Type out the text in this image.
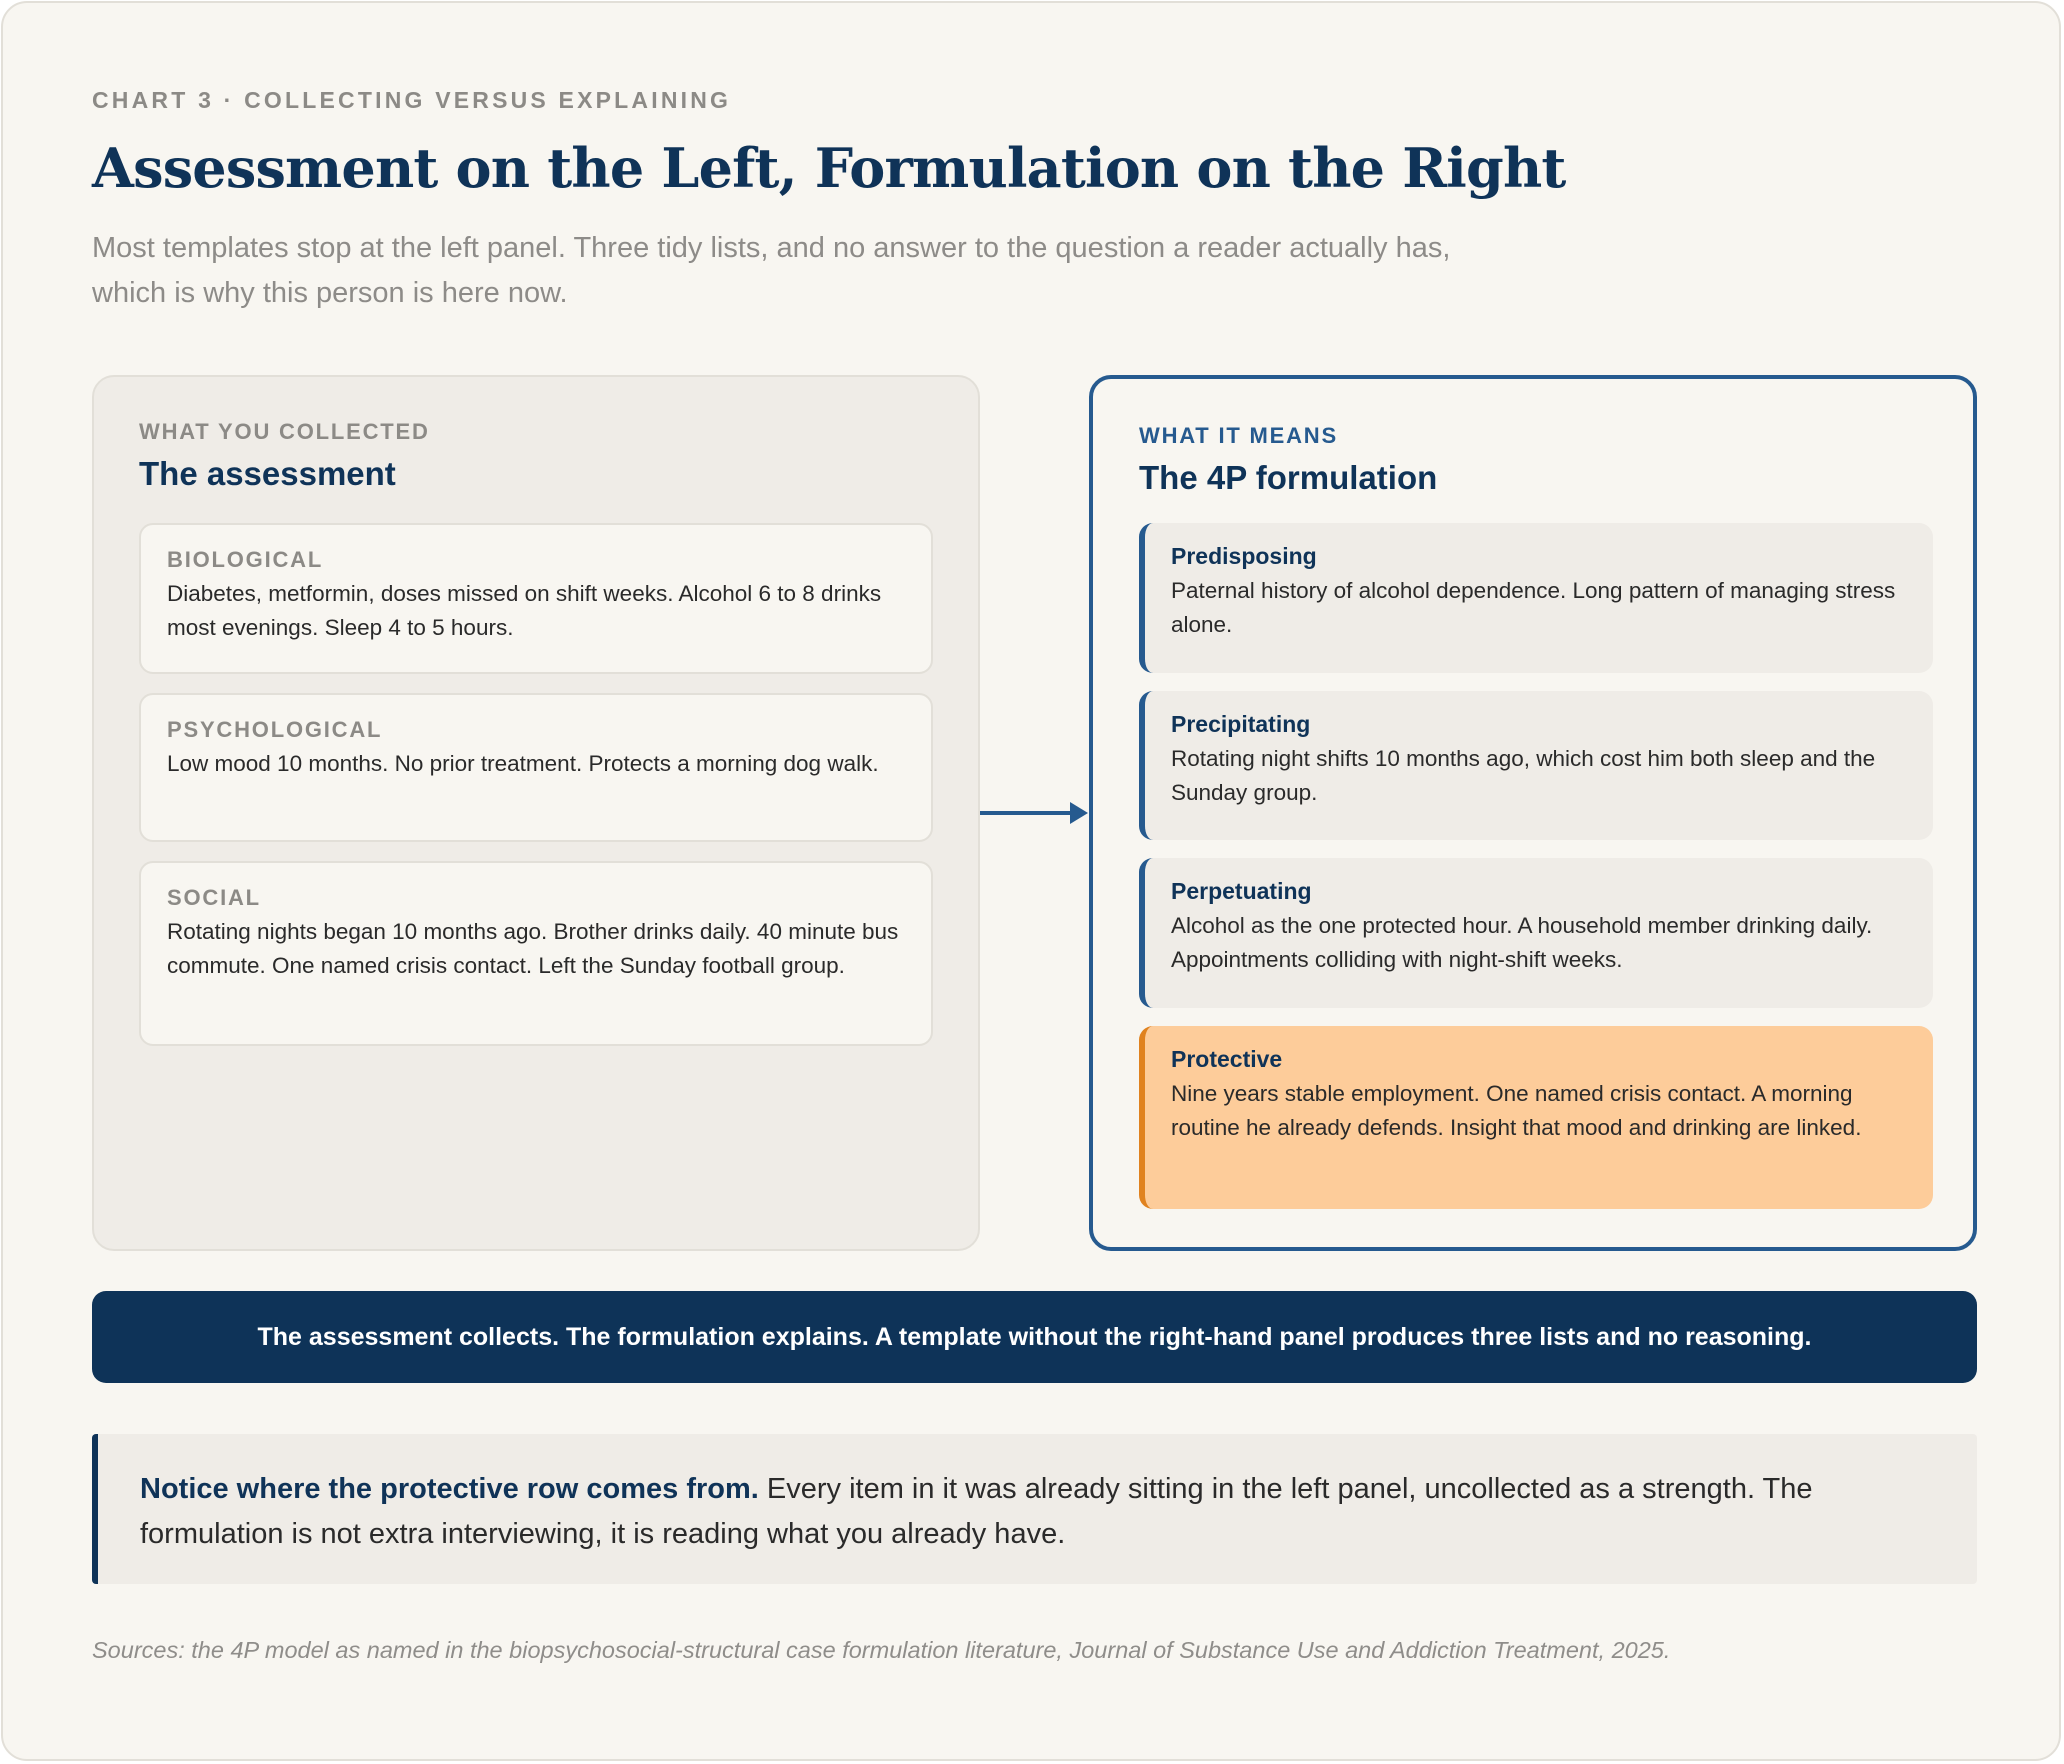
CHART 3 · COLLECTING VERSUS EXPLAINING
Assessment on the Left, Formulation on the Right
Most templates stop at the left panel. Three tidy lists, and no answer to the question a reader actually has, which is why this person is here now.
WHAT YOU COLLECTED
The assessment
BIOLOGICAL
Diabetes, metformin, doses missed on shift weeks. Alcohol 6 to 8 drinks most evenings. Sleep 4 to 5 hours.
PSYCHOLOGICAL
Low mood 10 months. No prior treatment. Protects a morning dog walk.
SOCIAL
Rotating nights began 10 months ago. Brother drinks daily. 40 minute bus commute. One named crisis contact. Left the Sunday football group.
WHAT IT MEANS
The 4P formulation
Predisposing
Paternal history of alcohol dependence. Long pattern of managing stress alone.
Precipitating
Rotating night shifts 10 months ago, which cost him both sleep and the Sunday group.
Perpetuating
Alcohol as the one protected hour. A household member drinking daily. Appointments colliding with night-shift weeks.
Protective
Nine years stable employment. One named crisis contact. A morning routine he already defends. Insight that mood and drinking are linked.
The assessment collects. The formulation explains. A template without the right-hand panel produces three lists and no reasoning.
Notice where the protective row comes from. Every item in it was already sitting in the left panel, uncollected as a strength. The formulation is not extra interviewing, it is reading what you already have.
Sources: the 4P model as named in the biopsychosocial-structural case formulation literature, Journal of Substance Use and Addiction Treatment, 2025.
